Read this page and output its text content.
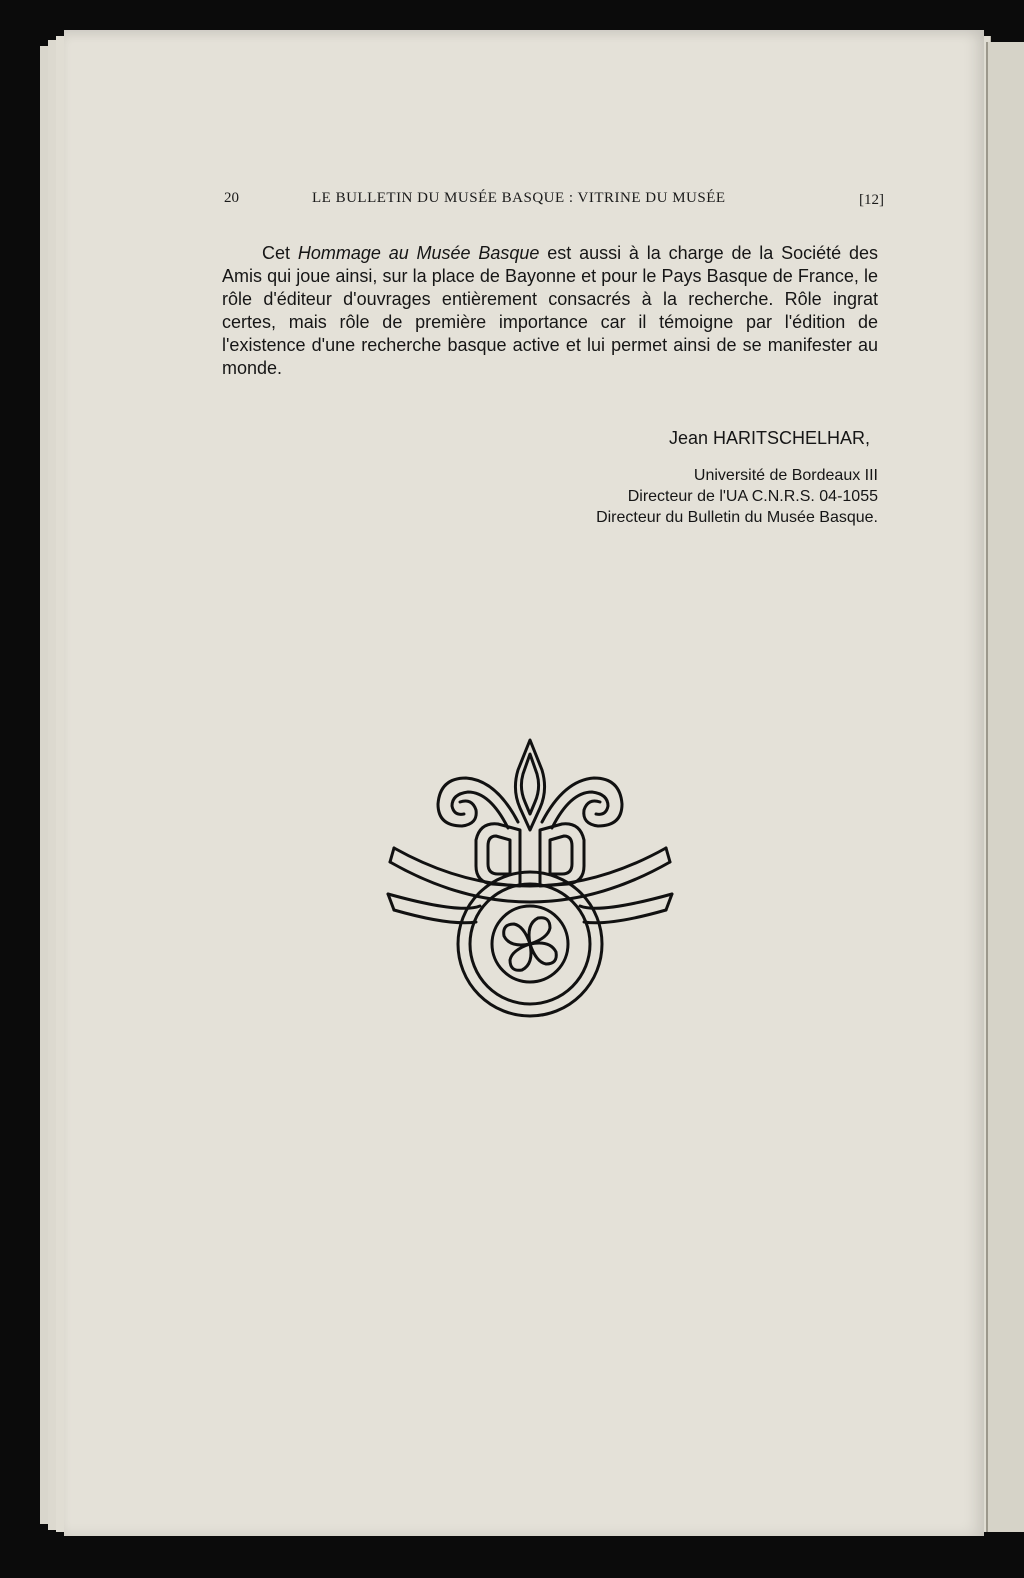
20	LE BULLETIN DU MUSÉE BASQUE : VITRINE DU MUSÉE	[12]

Cet Hommage au Musée Basque est aussi à la charge de la Société des Amis qui joue ainsi, sur la place de Bayonne et pour le Pays Basque de France, le rôle d'éditeur d'ouvrages entièrement consacrés à la recherche. Rôle ingrat certes, mais rôle de première importance car il témoigne par l'édition de l'existence d'une recherche basque active et lui permet ainsi de se manifester au monde.

Jean HARITSCHELHAR,
Université de Bordeaux III
Directeur de l'UA C.N.R.S. 04-1055
Directeur du Bulletin du Musée Basque.
